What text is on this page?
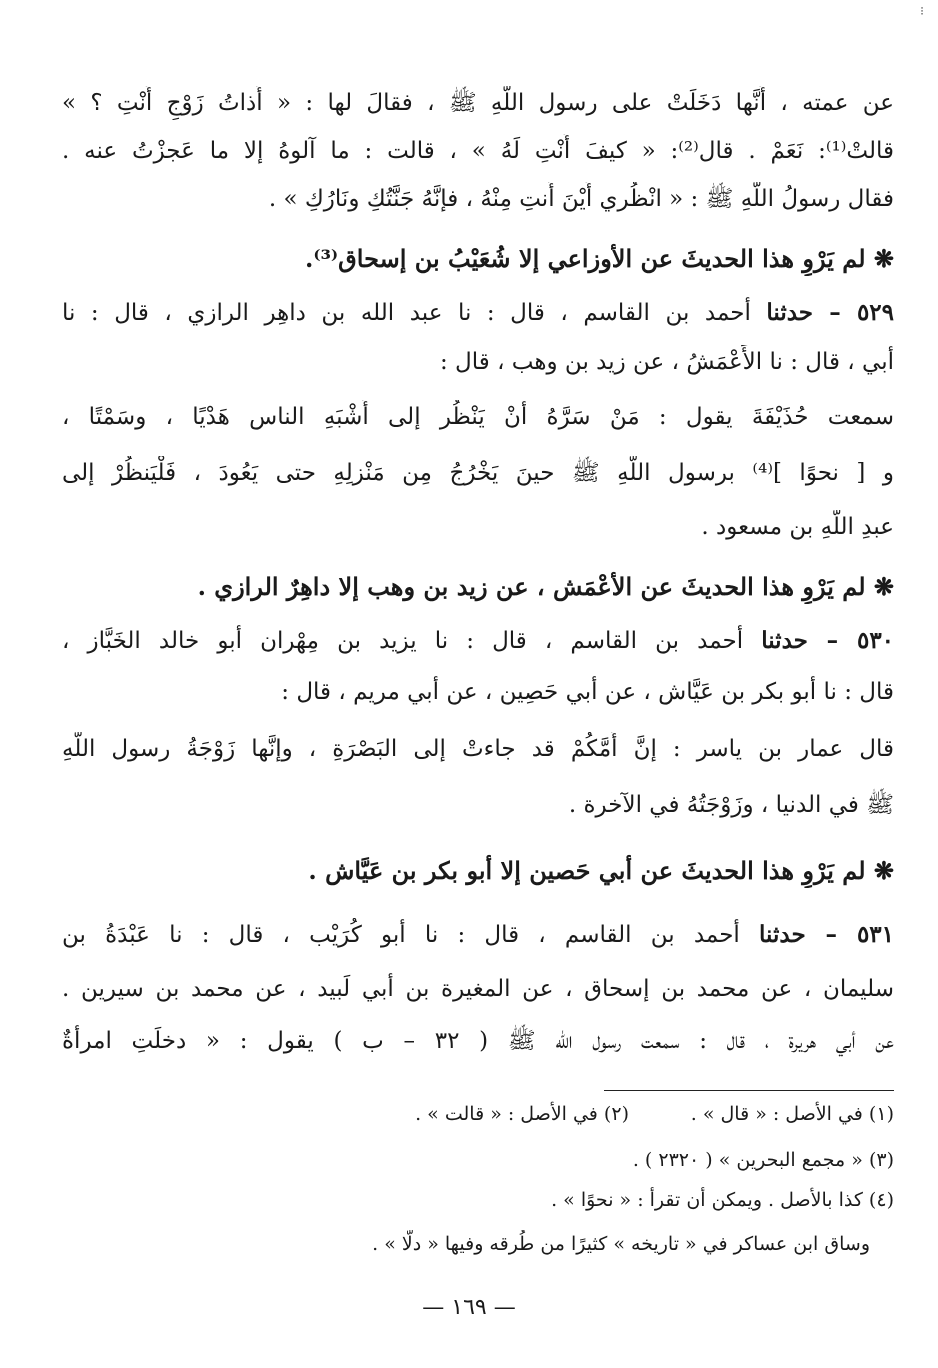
⁝
عن عمته ، أَنَّها دَخَلَتْ على رسول اللَّهِ ﷺ ، فقالَ لها : « أَذاتُ زَوْجٍ أَنْتِ ؟ »
قالتْ⁽¹⁾: نَعَمْ . قال⁽²⁾: « كيفَ أَنْتِ لَهُ » ، قالت : ما آلوهُ إلا ما عَجزْتُ عنه .
فقال رسولُ اللَّهِ ﷺ : « انْظُري أَيْنَ أَنتِ مِنْهُ ، فإنَّهُ جَنَّتُكِ ونَارُكِ » .
❋ لم يَرْوِ هذا الحديثَ عن الأوزاعي إلا شُعَيْبُ بن إسحاق⁽³⁾.
٥٢٩ – حدثنا أحمد بن القاسم ، قال : نا عبد الله بن داهِر الرازي ، قال : نا
أبي ، قال : نا الأَعْمَشُ ، عن زيد بن وهب ، قال :
سمعت حُذَيْفَةَ يقول : مَنْ سَرَّهُ أنْ يَنْظُر إلى أَشْبَهِ الناس هَدْيًا ، وسَمْتًا ،
و [ نحوًا ]⁽⁴⁾ برسول اللَّهِ ﷺ حينَ يَخْرُجُ مِن مَنْزلِهِ حتى يَعُودَ ، فَلْيَنظُرْ إلى
عبدِ اللَّهِ بن مسعود .
❋ لم يَرْوِ هذا الحديثَ عن الأعْمَش ، عن زيد بن وهب إلا داهِرٌ الرازي .
٥٣٠ – حدثنا أحمد بن القاسم ، قال : نا يزيد بن مِهْران أبو خالد الخَبَّاز ،
قال : نا أبو بكر بن عَيَّاش ، عن أبي حَصِين ، عن أبي مريم ، قال :
قال عمار بن ياسر : إنَّ أُمَّكُمْ قد جاءتْ إلى البَصْرَةِ ، وإنَّها زَوْجَةُ رسول اللَّهِ
ﷺ في الدنيا ، وزَوْجَتُهُ في الآخرة .
❋ لم يَرْوِ هذا الحديثَ عن أبي حَصين إلا أبو بكر بن عَيَّاش .
٥٣١ – حدثنا أحمد بن القاسم ، قال : نا أبو كُرَيْب ، قال : نا عَبْدَةُ بن
سليمان ، عن محمد بن إسحاق ، عن المغيرة بن أبي لَبيد ، عن محمد بن سيرين .
عن أبي هريرة ، قال : سمعت رسول الله ﷺ ( ٣٢ – ب ) يقول : « دخلَتِ امرأةٌ
(١) في الأصل : « قال » .
(٢) في الأصل : « قالت » .
(٣) « مجمع البحرين » ( ٢٣٢٠ ) .
(٤) كذا بالأصل . ويمكن أن تقرأ : « نحوًا » .
وساق ابن عساكر في « تاريخه » كثيرًا من طُرقه وفيها « دلًّا » .
— ١٦٩ —
